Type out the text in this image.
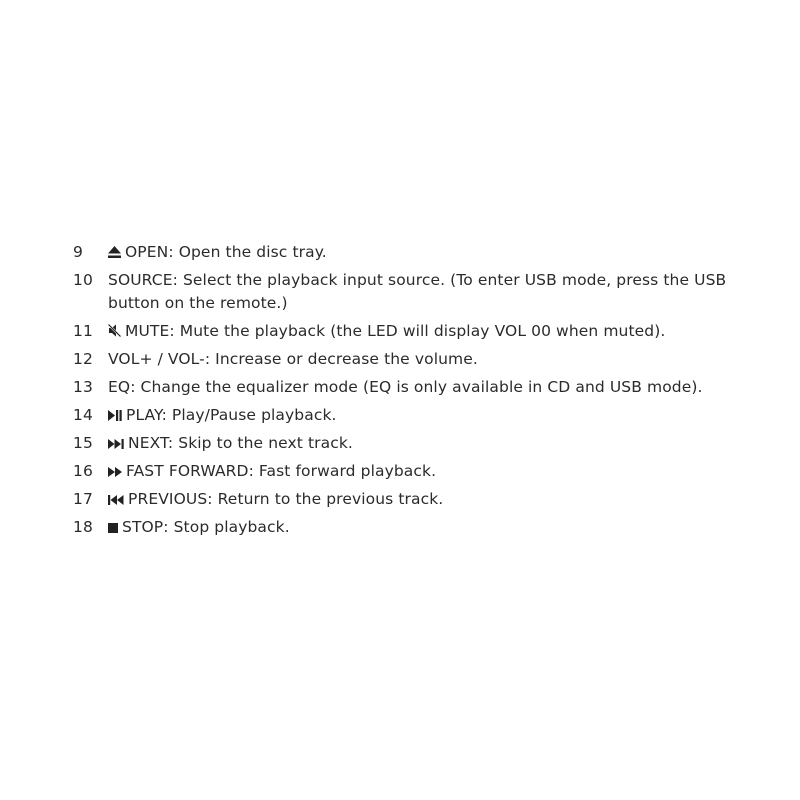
9	OPEN: Open the disc tray.
10 SOURCE: Select the playback input source. (To enter USB mode, press the USB button on the remote.)
11	MUTE: Mute the playback (the LED will display VOL 00 when muted).
12 VOL+ / VOL-: Increase or decrease the volume.
13 EQ: Change the equalizer mode (EQ is only available in CD and USB mode).
14	PLAY: Play/Pause playback.
15	NEXT: Skip to the next track.
16	FAST FORWARD: Fast forward playback.
17	PREVIOUS: Return to the previous track.
18	STOP: Stop playback.
